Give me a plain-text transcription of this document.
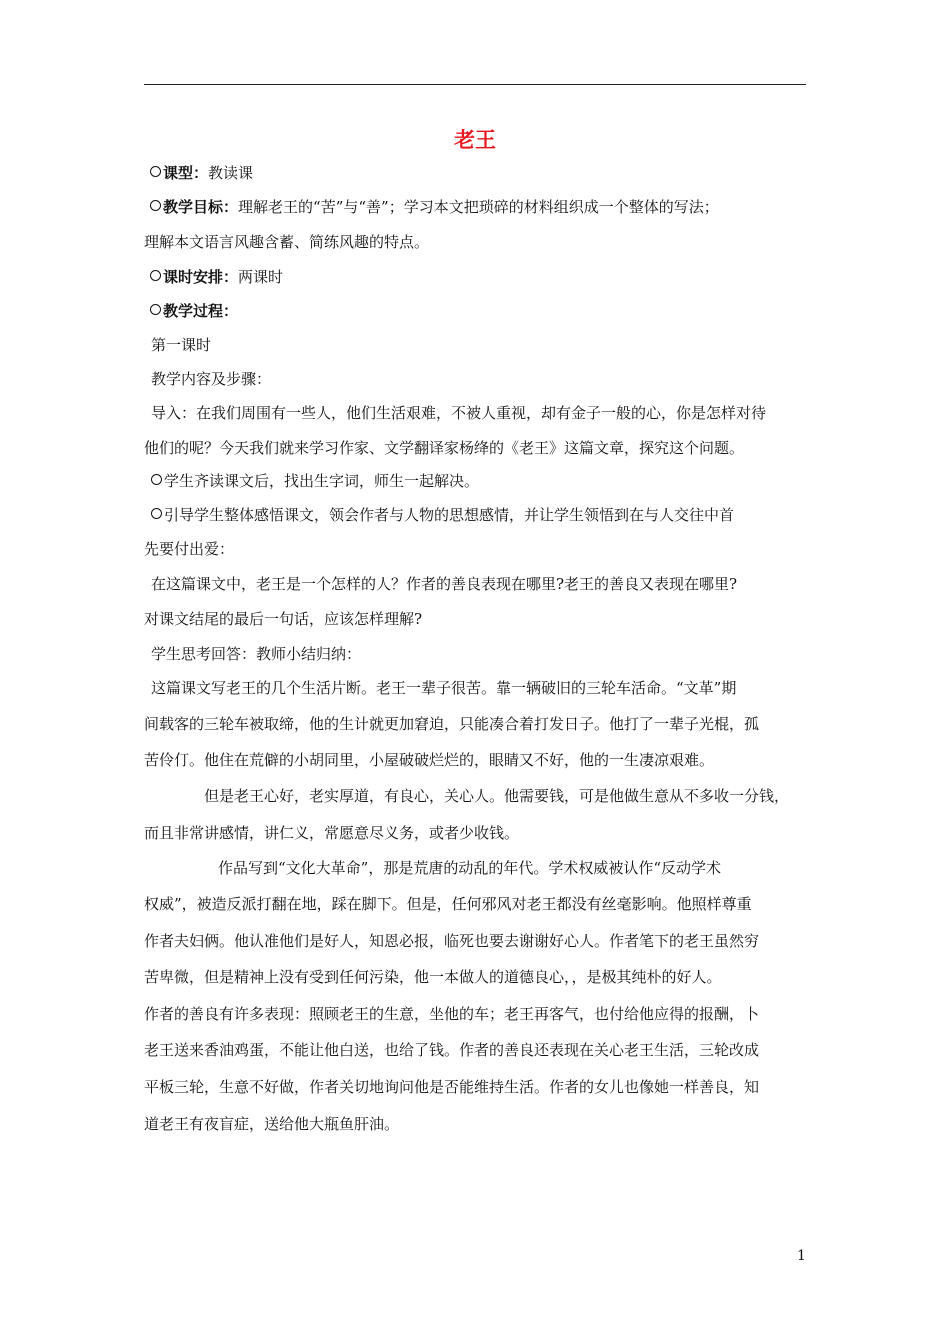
老王
课型：教读课
教学目标：理解老王的“苦”与“善”；学习本文把琐碎的材料组织成一个整体的写法；
理解本文语言风趣含蓄、简练风趣的特点。
课时安排：两课时
教学过程：
第一课时
教学内容及步骤：
导入：在我们周围有一些人，他们生活艰难，不被人重视，却有金子一般的心，你是怎样对待
他们的呢？今天我们就来学习作家、文学翻译家杨绛的《老王》这篇文章，探究这个问题。
学生齐读课文后，找出生字词，师生一起解决。
引导学生整体感悟课文，领会作者与人物的思想感情，并让学生领悟到在与人交往中首
先要付出爱：
在这篇课文中，老王是一个怎样的人？作者的善良表现在哪里?老王的善良又表现在哪里?
对课文结尾的最后一句话，应该怎样理解?
学生思考回答：教师小结归纳：
这篇课文写老王的几个生活片断。老王一辈子很苦。靠一辆破旧的三轮车活命。“文革”期
间载客的三轮车被取缔，他的生计就更加窘迫，只能凑合着打发日子。他打了一辈子光棍，孤
苦伶仃。他住在荒僻的小胡同里，小屋破破烂烂的，眼睛又不好，他的一生凄凉艰难。
但是老王心好，老实厚道，有良心，关心人。他需要钱，可是他做生意从不多收一分钱，
而且非常讲感情，讲仁义，常愿意尽义务，或者少收钱。
作品写到“文化大革命”，那是荒唐的动乱的年代。学术权威被认作“反动学术
权威”，被造反派打翻在地，踩在脚下。但是，任何邪风对老王都没有丝毫影响。他照样尊重
作者夫妇俩。他认准他们是好人，知恩必报，临死也要去谢谢好心人。作者笔下的老王虽然穷
苦卑微，但是精神上没有受到任何污染，他一本做人的道德良心，，是极其纯朴的好人。
作者的善良有许多表现：照顾老王的生意，坐他的车；老王再客气，也付给他应得的报酬，卜
老王送来香油鸡蛋，不能让他白送，也给了钱。作者的善良还表现在关心老王生活，三轮改成
平板三轮，生意不好做，作者关切地询问他是否能维持生活。作者的女儿也像她一样善良，知
道老王有夜盲症，送给他大瓶鱼肝油。
1
